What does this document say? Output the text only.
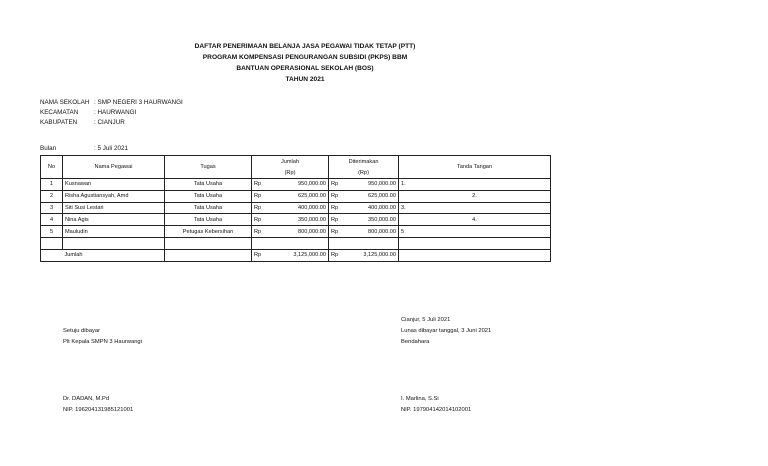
DAFTAR PENERIMAAN BELANJA JASA PEGAWAI TIDAK TETAP (PTT)
PROGRAM KOMPENSASI PENGURANGAN SUBSIDI (PKPS) BBM
BANTUAN OPERASIONAL SEKOLAH (BOS)
TAHUN 2021
NAMA SEKOLAH : SMP NEGERI 3 HAURWANGI
KECAMATAN : HAURWANGI
KABUPATEN	: CIANJUR
Bulan	: 5 Juli 2021
No	Nama Pegawai	Tugas	Jumlah		Diterimakan		Tanda Tangan
			(Rp)		(Rp)		
1	Kusnawan	Tata Usaha	Rp	950,000.00	Rp	950,000.00	1.
2	Risha Agustiansyah, Amd	Tata Usaha	Rp	625,000.00	Rp	625,000.00	2.
3	Siti Susi Lestari	Tata Usaha	Rp	400,000.00	Rp	400,000.00	3.
4	Nina Agis	Tata Usaha	Rp	350,000.00	Rp	350,000.00	4.
5	Mauludin	Petugas Kebersihan	Rp	800,000.00	Rp	800,000.00	5

	Jumlah		Rp	3,125,000.00	Rp	3,125,000.00	
Setuju dibayar
Plt Kepala SMPN 3 Haurwangi
Dr. DADAN, M.Pd
NIP. 196204131985121001
Cianjur, 5 Juli 2021
Lunas dibayar tanggal, 3 Juni 2021
Bendahara
I. Marlina, S.Si
NIP. 197904142014102001
